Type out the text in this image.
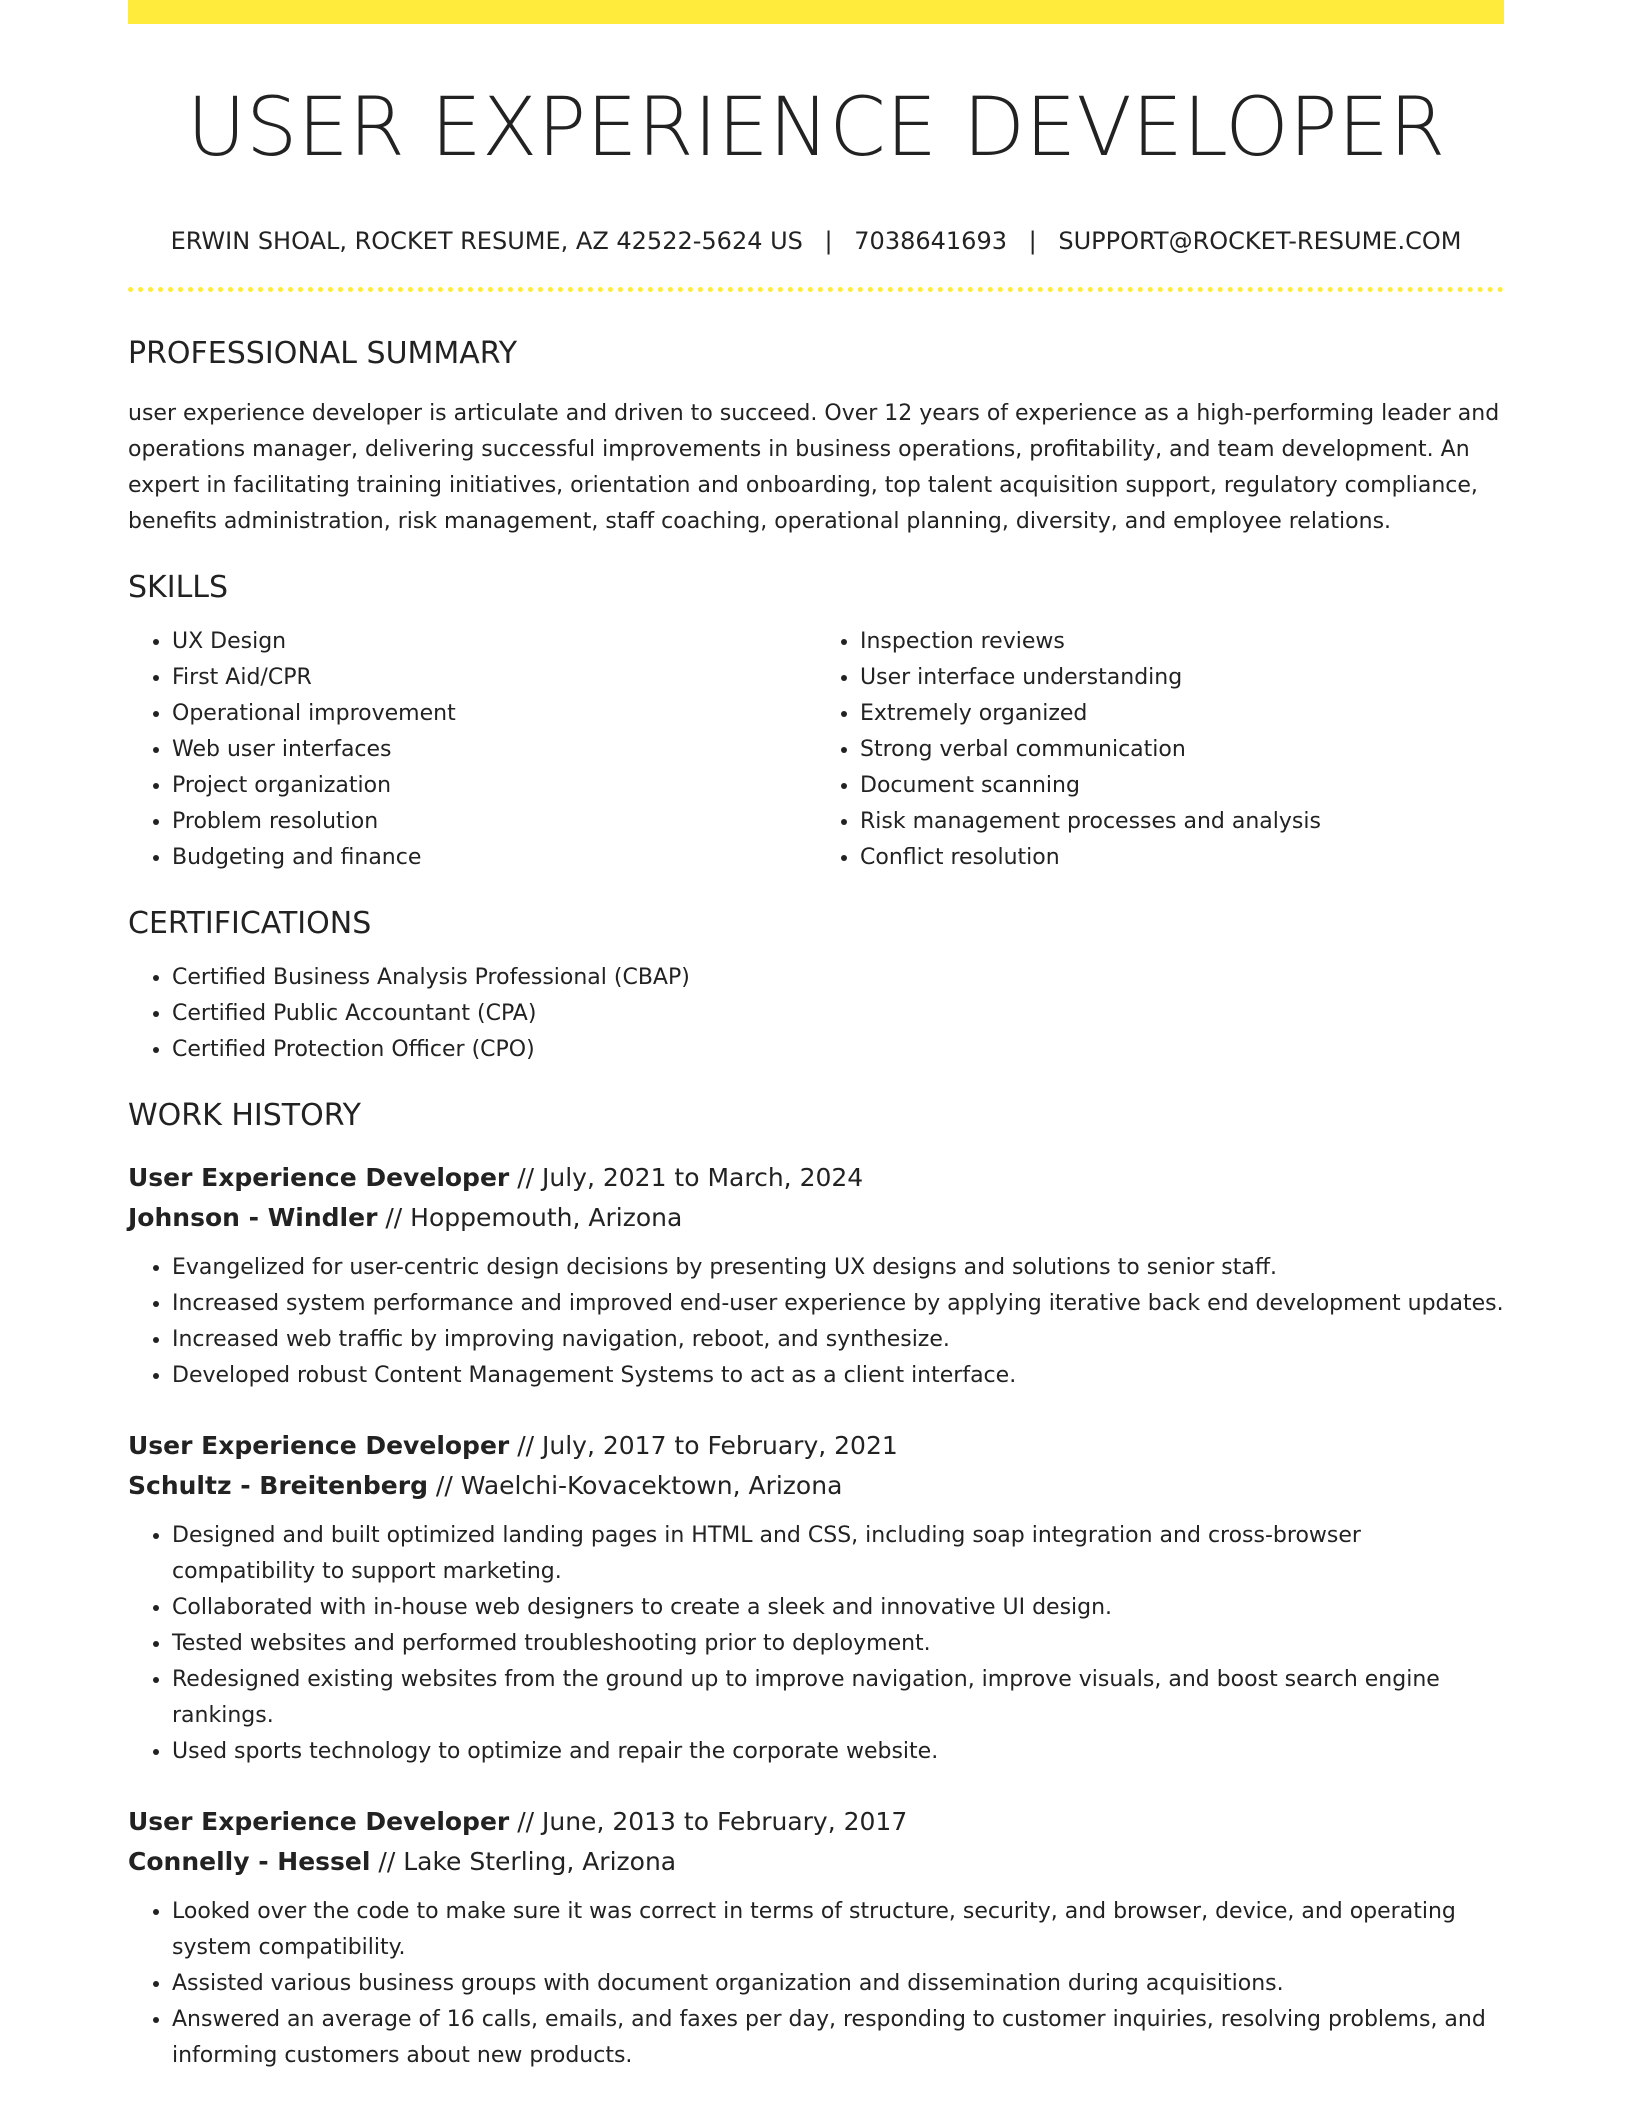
USER EXPERIENCE DEVELOPER
ERWIN SHOAL, ROCKET RESUME, AZ 42522-5624 US | 7038641693 | SUPPORT@ROCKET-RESUME.COM
PROFESSIONAL SUMMARY

user experience developer is articulate and driven to succeed. Over 12 years of experience as a high-performing leader and operations manager, delivering successful improvements in business operations, profitability, and team development. An expert in facilitating training initiatives, orientation and onboarding, top talent acquisition support, regulatory compliance, benefits administration, risk management, staff coaching, operational planning, diversity, and employee relations.

SKILLS
• UX Design
• First Aid/CPR
• Operational improvement
• Web user interfaces
• Project organization
• Problem resolution
• Budgeting and finance
• Inspection reviews
• User interface understanding
• Extremely organized
• Strong verbal communication
• Document scanning
• Risk management processes and analysis
• Conflict resolution
CERTIFICATIONS
• Certified Business Analysis Professional (CBAP)
• Certified Public Accountant (CPA)
• Certified Protection Officer (CPO)
WORK HISTORY
User Experience Developer // July, 2021 to March, 2024
Johnson - Windler // Hoppemouth, Arizona
• Evangelized for user-centric design decisions by presenting UX designs and solutions to senior staff.
• Increased system performance and improved end-user experience by applying iterative back end development updates.
• Increased web traffic by improving navigation, reboot, and synthesize.
• Developed robust Content Management Systems to act as a client interface.
User Experience Developer // July, 2017 to February, 2021
Schultz - Breitenberg // Waelchi-Kovacektown, Arizona
• Designed and built optimized landing pages in HTML and CSS, including soap integration and cross-browser compatibility to support marketing.
• Collaborated with in-house web designers to create a sleek and innovative UI design.
• Tested websites and performed troubleshooting prior to deployment.
• Redesigned existing websites from the ground up to improve navigation, improve visuals, and boost search engine rankings.
• Used sports technology to optimize and repair the corporate website.
User Experience Developer // June, 2013 to February, 2017
Connelly - Hessel // Lake Sterling, Arizona
• Looked over the code to make sure it was correct in terms of structure, security, and browser, device, and operating system compatibility.
• Assisted various business groups with document organization and dissemination during acquisitions.
• Answered an average of 16 calls, emails, and faxes per day, responding to customer inquiries, resolving problems, and informing customers about new products.
